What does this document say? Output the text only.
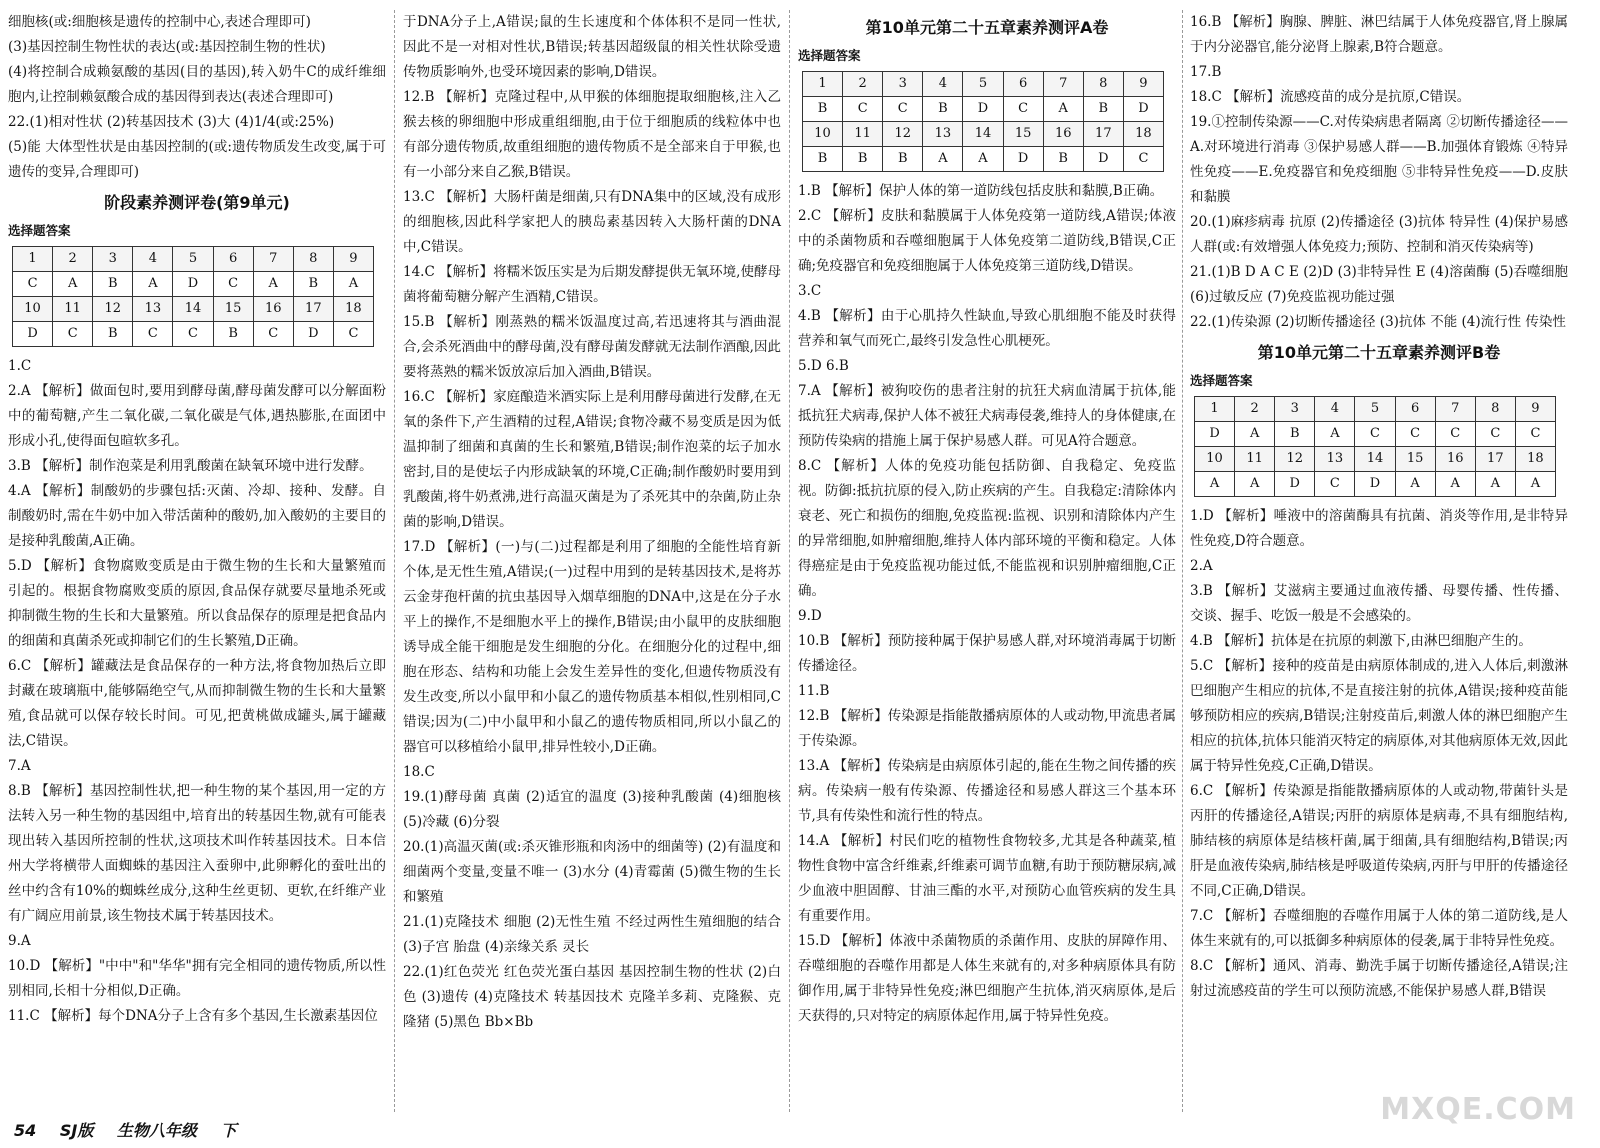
细胞核(或:细胞核是遗传的控制中心,表述合理即可)

(3)基因控制生物性状的表达(或:基因控制生物的性状)

(4)将控制合成赖氨酸的基因(目的基因),转入奶牛C的成纤维细胞内,让控制赖氨酸合成的基因得到表达(表述合理即可)

22.(1)相对性状 (2)转基因技术 (3)大 (4)1/4(或:25%)

(5)能 大体型性状是由基因控制的(或:遗传物质发生改变,属于可遗传的变异,合理即可)

阶段素养测评卷(第9单元)
选择题答案
1	2	3	4	5	6	7	8	9
C	A	B	A	D	C	A	B	A
10	11	12	13	14	15	16	17	18
D	C	B	C	C	B	C	D	C

1.C

2.A 【解析】做面包时,要用到酵母菌,酵母菌发酵可以分解面粉中的葡萄糖,产生二氧化碳,二氧化碳是气体,遇热膨胀,在面团中形成小孔,使得面包暄软多孔。

3.B 【解析】制作泡菜是利用乳酸菌在缺氧环境中进行发酵。

4.A 【解析】制酸奶的步骤包括:灭菌、冷却、接种、发酵。自制酸奶时,需在牛奶中加入带活菌种的酸奶,加入酸奶的主要目的是接种乳酸菌,A正确。

5.D 【解析】食物腐败变质是由于微生物的生长和大量繁殖而引起的。根据食物腐败变质的原因,食品保存就要尽量地杀死或抑制微生物的生长和大量繁殖。所以食品保存的原理是把食品内的细菌和真菌杀死或抑制它们的生长繁殖,D正确。

6.C 【解析】罐藏法是食品保存的一种方法,将食物加热后立即封藏在玻璃瓶中,能够隔绝空气,从而抑制微生物的生长和大量繁殖,食品就可以保存较长时间。可见,把黄桃做成罐头,属于罐藏法,C错误。

7.A

8.B 【解析】基因控制性状,把一种生物的某个基因,用一定的方法转入另一种生物的基因组中,培育出的转基因生物,就有可能表现出转入基因所控制的性状,这项技术叫作转基因技术。日本信州大学将横带人面蜘蛛的基因注入蚕卵中,此卵孵化的蚕吐出的丝中约含有10%的蜘蛛丝成分,这种生丝更韧、更软,在纤维产业有广阔应用前景,该生物技术属于转基因技术。

9.A

10.D 【解析】"中中"和"华华"拥有完全相同的遗传物质,所以性别相同,长相十分相似,D正确。

11.C 【解析】每个DNA分子上含有多个基因,生长激素基因位

于DNA分子上,A错误;鼠的生长速度和个体体积不是同一性状,因此不是一对相对性状,B错误;转基因超级鼠的相关性状除受遗传物质影响外,也受环境因素的影响,D错误。

12.B 【解析】克隆过程中,从甲猴的体细胞提取细胞核,注入乙猴去核的卵细胞中形成重组细胞,由于位于细胞质的线粒体中也有部分遗传物质,故重组细胞的遗传物质不是全部来自于甲猴,也有一小部分来自乙猴,B错误。

13.C 【解析】大肠杆菌是细菌,只有DNA集中的区域,没有成形的细胞核,因此科学家把人的胰岛素基因转入大肠杆菌的DNA中,C错误。

14.C 【解析】将糯米饭压实是为后期发酵提供无氧环境,使酵母菌将葡萄糖分解产生酒精,C错误。

15.B 【解析】刚蒸熟的糯米饭温度过高,若迅速将其与酒曲混合,会杀死酒曲中的酵母菌,没有酵母菌发酵就无法制作酒酿,因此要将蒸熟的糯米饭放凉后加入酒曲,B错误。

16.C 【解析】家庭酿造米酒实际上是利用酵母菌进行发酵,在无氧的条件下,产生酒精的过程,A错误;食物冷藏不易变质是因为低温抑制了细菌和真菌的生长和繁殖,B错误;制作泡菜的坛子加水密封,目的是使坛子内形成缺氧的环境,C正确;制作酸奶时要用到乳酸菌,将牛奶煮沸,进行高温灭菌是为了杀死其中的杂菌,防止杂菌的影响,D错误。

17.D 【解析】(一)与(二)过程都是利用了细胞的全能性培育新个体,是无性生殖,A错误;(一)过程中用到的是转基因技术,是将苏云金芽孢杆菌的抗虫基因导入烟草细胞的DNA中,这是在分子水平上的操作,不是细胞水平上的操作,B错误;由小鼠甲的皮肤细胞诱导成全能干细胞是发生细胞的分化。在细胞分化的过程中,细胞在形态、结构和功能上会发生差异性的变化,但遗传物质没有发生改变,所以小鼠甲和小鼠乙的遗传物质基本相似,性别相同,C错误;因为(二)中小鼠甲和小鼠乙的遗传物质相同,所以小鼠乙的器官可以移植给小鼠甲,排异性较小,D正确。

18.C

19.(1)酵母菌 真菌 (2)适宜的温度 (3)接种乳酸菌 (4)细胞核 (5)冷藏 (6)分裂

20.(1)高温灭菌(或:杀灭锥形瓶和肉汤中的细菌等) (2)有温度和细菌两个变量,变量不唯一 (3)水分 (4)青霉菌 (5)微生物的生长和繁殖

21.(1)克隆技术 细胞 (2)无性生殖 不经过两性生殖细胞的结合 (3)子宫 胎盘 (4)亲缘关系 灵长

22.(1)红色荧光 红色荧光蛋白基因 基因控制生物的性状 (2)白色 (3)遗传 (4)克隆技术 转基因技术 克隆羊多莉、克隆猴、克隆猪 (5)黑色 Bb×Bb

第10单元第二十五章素养测评A卷
选择题答案
1	2	3	4	5	6	7	8	9
B	C	C	B	D	C	A	B	D
10	11	12	13	14	15	16	17	18
B	B	B	A	A	D	B	D	C

1.B 【解析】保护人体的第一道防线包括皮肤和黏膜,B正确。

2.C 【解析】皮肤和黏膜属于人体免疫第一道防线,A错误;体液中的杀菌物质和吞噬细胞属于人体免疫第二道防线,B错误,C正确;免疫器官和免疫细胞属于人体免疫第三道防线,D错误。

3.C

4.B 【解析】由于心肌持久性缺血,导致心肌细胞不能及时获得营养和氧气而死亡,最终引发急性心肌梗死。

5.D 6.B

7.A 【解析】被狗咬伤的患者注射的抗狂犬病血清属于抗体,能抵抗狂犬病毒,保护人体不被狂犬病毒侵袭,维持人的身体健康,在预防传染病的措施上属于保护易感人群。可见A符合题意。

8.C 【解析】人体的免疫功能包括防御、自我稳定、免疫监视。防御:抵抗抗原的侵入,防止疾病的产生。自我稳定:清除体内衰老、死亡和损伤的细胞,免疫监视:监视、识别和清除体内产生的异常细胞,如肿瘤细胞,维持人体内部环境的平衡和稳定。人体得癌症是由于免疫监视功能过低,不能监视和识别肿瘤细胞,C正确。

9.D

10.B 【解析】预防接种属于保护易感人群,对环境消毒属于切断传播途径。

11.B

12.B 【解析】传染源是指能散播病原体的人或动物,甲流患者属于传染源。

13.A 【解析】传染病是由病原体引起的,能在生物之间传播的疾病。传染病一般有传染源、传播途径和易感人群这三个基本环节,具有传染性和流行性的特点。

14.A 【解析】村民们吃的植物性食物较多,尤其是各种蔬菜,植物性食物中富含纤维素,纤维素可调节血糖,有助于预防糖尿病,减少血液中胆固醇、甘油三酯的水平,对预防心血管疾病的发生具有重要作用。

15.D 【解析】体液中杀菌物质的杀菌作用、皮肤的屏障作用、吞噬细胞的吞噬作用都是人体生来就有的,对多种病原体具有防御作用,属于非特异性免疫;淋巴细胞产生抗体,消灭病原体,是后天获得的,只对特定的病原体起作用,属于特异性免疫。

16.B 【解析】胸腺、脾脏、淋巴结属于人体免疫器官,肾上腺属于内分泌器官,能分泌肾上腺素,B符合题意。

17.B

18.C 【解析】流感疫苗的成分是抗原,C错误。

19.①控制传染源——C.对传染病患者隔离 ②切断传播途径——A.对环境进行消毒 ③保护易感人群——B.加强体育锻炼 ④特异性免疫——E.免疫器官和免疫细胞 ⑤非特异性免疫——D.皮肤和黏膜

20.(1)麻疹病毒 抗原 (2)传播途径 (3)抗体 特异性 (4)保护易感人群(或:有效增强人体免疫力;预防、控制和消灭传染病等)

21.(1)B D A C E (2)D (3)非特异性 E (4)溶菌酶 (5)吞噬细胞 (6)过敏反应 (7)免疫监视功能过强

22.(1)传染源 (2)切断传播途径 (3)抗体 不能 (4)流行性 传染性

第10单元第二十五章素养测评B卷
选择题答案
1	2	3	4	5	6	7	8	9
D	A	B	A	C	C	C	C	C
10	11	12	13	14	15	16	17	18
A	A	D	C	D	A	A	A	A

1.D 【解析】唾液中的溶菌酶具有抗菌、消炎等作用,是非特异性免疫,D符合题意。

2.A

3.B 【解析】艾滋病主要通过血液传播、母婴传播、性传播、交谈、握手、吃饭一般是不会感染的。

4.B 【解析】抗体是在抗原的刺激下,由淋巴细胞产生的。

5.C 【解析】接种的疫苗是由病原体制成的,进入人体后,刺激淋巴细胞产生相应的抗体,不是直接注射的抗体,A错误;接种疫苗能够预防相应的疾病,B错误;注射疫苗后,刺激人体的淋巴细胞产生相应的抗体,抗体只能消灭特定的病原体,对其他病原体无效,因此属于特异性免疫,C正确,D错误。

6.C 【解析】传染源是指能散播病原体的人或动物,带菌针头是丙肝的传播途径,A错误;丙肝的病原体是病毒,不具有细胞结构,肺结核的病原体是结核杆菌,属于细菌,具有细胞结构,B错误;丙肝是血液传染病,肺结核是呼吸道传染病,丙肝与甲肝的传播途径不同,C正确,D错误。

7.C 【解析】吞噬细胞的吞噬作用属于人体的第二道防线,是人体生来就有的,可以抵御多种病原体的侵袭,属于非特异性免疫。

8.C 【解析】通风、消毒、勤洗手属于切断传播途径,A错误;注射过流感疫苗的学生可以预防流感,不能保护易感人群,B错误

54 SJ版 生物八年级 下
MXQE.COM
